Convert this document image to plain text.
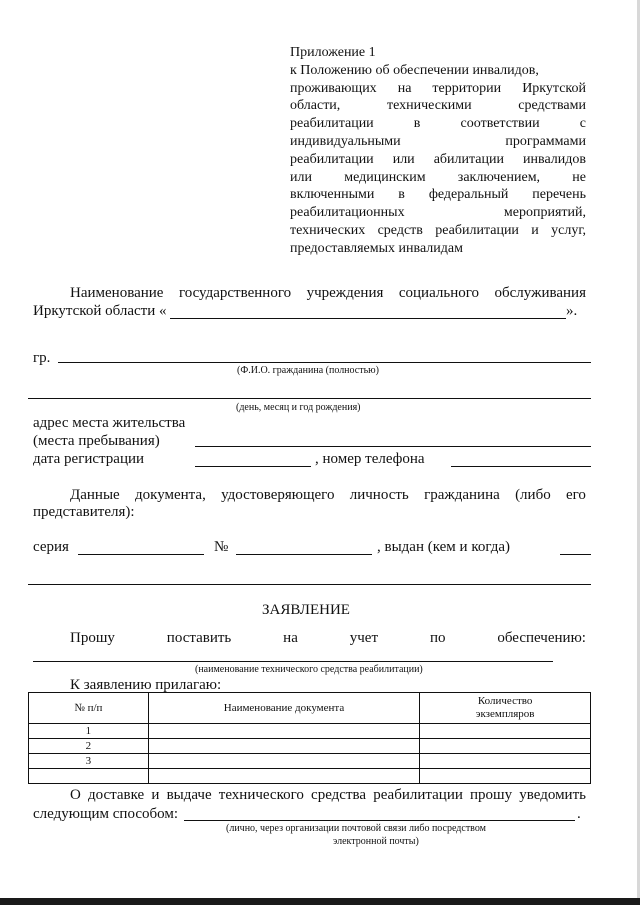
Приложение 1
к Положению об обеспечении инвалидов,
проживающих на территории Иркутской
области, техническими средствами
реабилитации в соответствии с
индивидуальными программами
реабилитации или абилитации инвалидов
или медицинским заключением, не
включенными в федеральный перечень
реабилитационных мероприятий,
технических средств реабилитации и услуг,
предоставляемых инвалидам
Наименование государственного учреждения социального обслуживания
Иркутской области «	».
гр.
(Ф.И.О. гражданина (полностью)
(день, месяц и год рождения)
адрес места жительства
(места пребывания)
дата регистрации	, номер телефона
Данные документа, удостоверяющего личность гражданина (либо его
представителя):
серия	№	, выдан (кем и когда)
ЗАЯВЛЕНИЕ
Прошу	поставить	на	учет	по	обеспечению:
(наименование технического средства реабилитации)
К заявлению прилагаю:
№ п/п	Наименование документа	Количество
экземпляров

1		
2		
3		

О доставке и выдаче технического средства реабилитации прошу уведомить
следующим способом:	.
(лично, через организации почтовой связи либо посредством
электронной почты)
